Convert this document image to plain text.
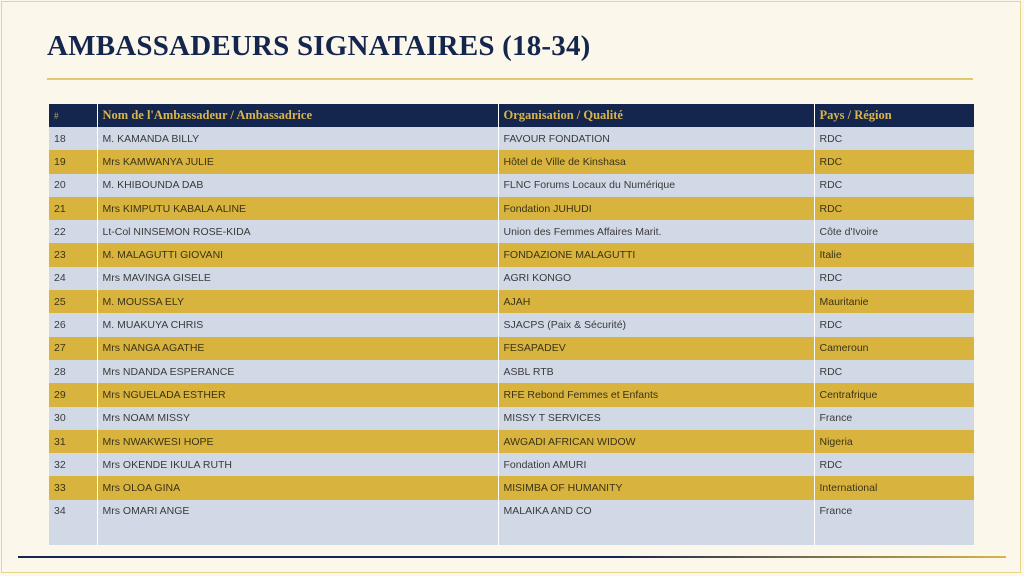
AMBASSADEURS SIGNATAIRES (18-34)
#	Nom de l'Ambassadeur / Ambassadrice	Organisation / Qualité	Pays / Région
18	M. KAMANDA BILLY	FAVOUR FONDATION	RDC
19	Mrs KAMWANYA JULIE	Hôtel de Ville de Kinshasa	RDC
20	M. KHIBOUNDA DAB	FLNC Forums Locaux du Numérique	RDC
21	Mrs KIMPUTU KABALA ALINE	Fondation JUHUDI	RDC
22	Lt-Col NINSEMON ROSE-KIDA	Union des Femmes Affaires Marit.	Côte d'Ivoire
23	M. MALAGUTTI GIOVANI	FONDAZIONE MALAGUTTI	Italie
24	Mrs MAVINGA GISELE	AGRI KONGO	RDC
25	M. MOUSSA ELY	AJAH	Mauritanie
26	M. MUAKUYA CHRIS	SJACPS (Paix & Sécurité)	RDC
27	Mrs NANGA AGATHE	FESAPADEV	Cameroun
28	Mrs NDANDA ESPERANCE	ASBL RTB	RDC
29	Mrs NGUELADA ESTHER	RFE Rebond Femmes et Enfants	Centrafrique
30	Mrs NOAM MISSY	MISSY T SERVICES	France
31	Mrs NWAKWESI HOPE	AWGADI AFRICAN WIDOW	Nigeria
32	Mrs OKENDE IKULA RUTH	Fondation AMURI	RDC
33	Mrs OLOA GINA	MISIMBA OF HUMANITY	International
34	Mrs OMARI ANGE	MALAIKA AND CO	France
